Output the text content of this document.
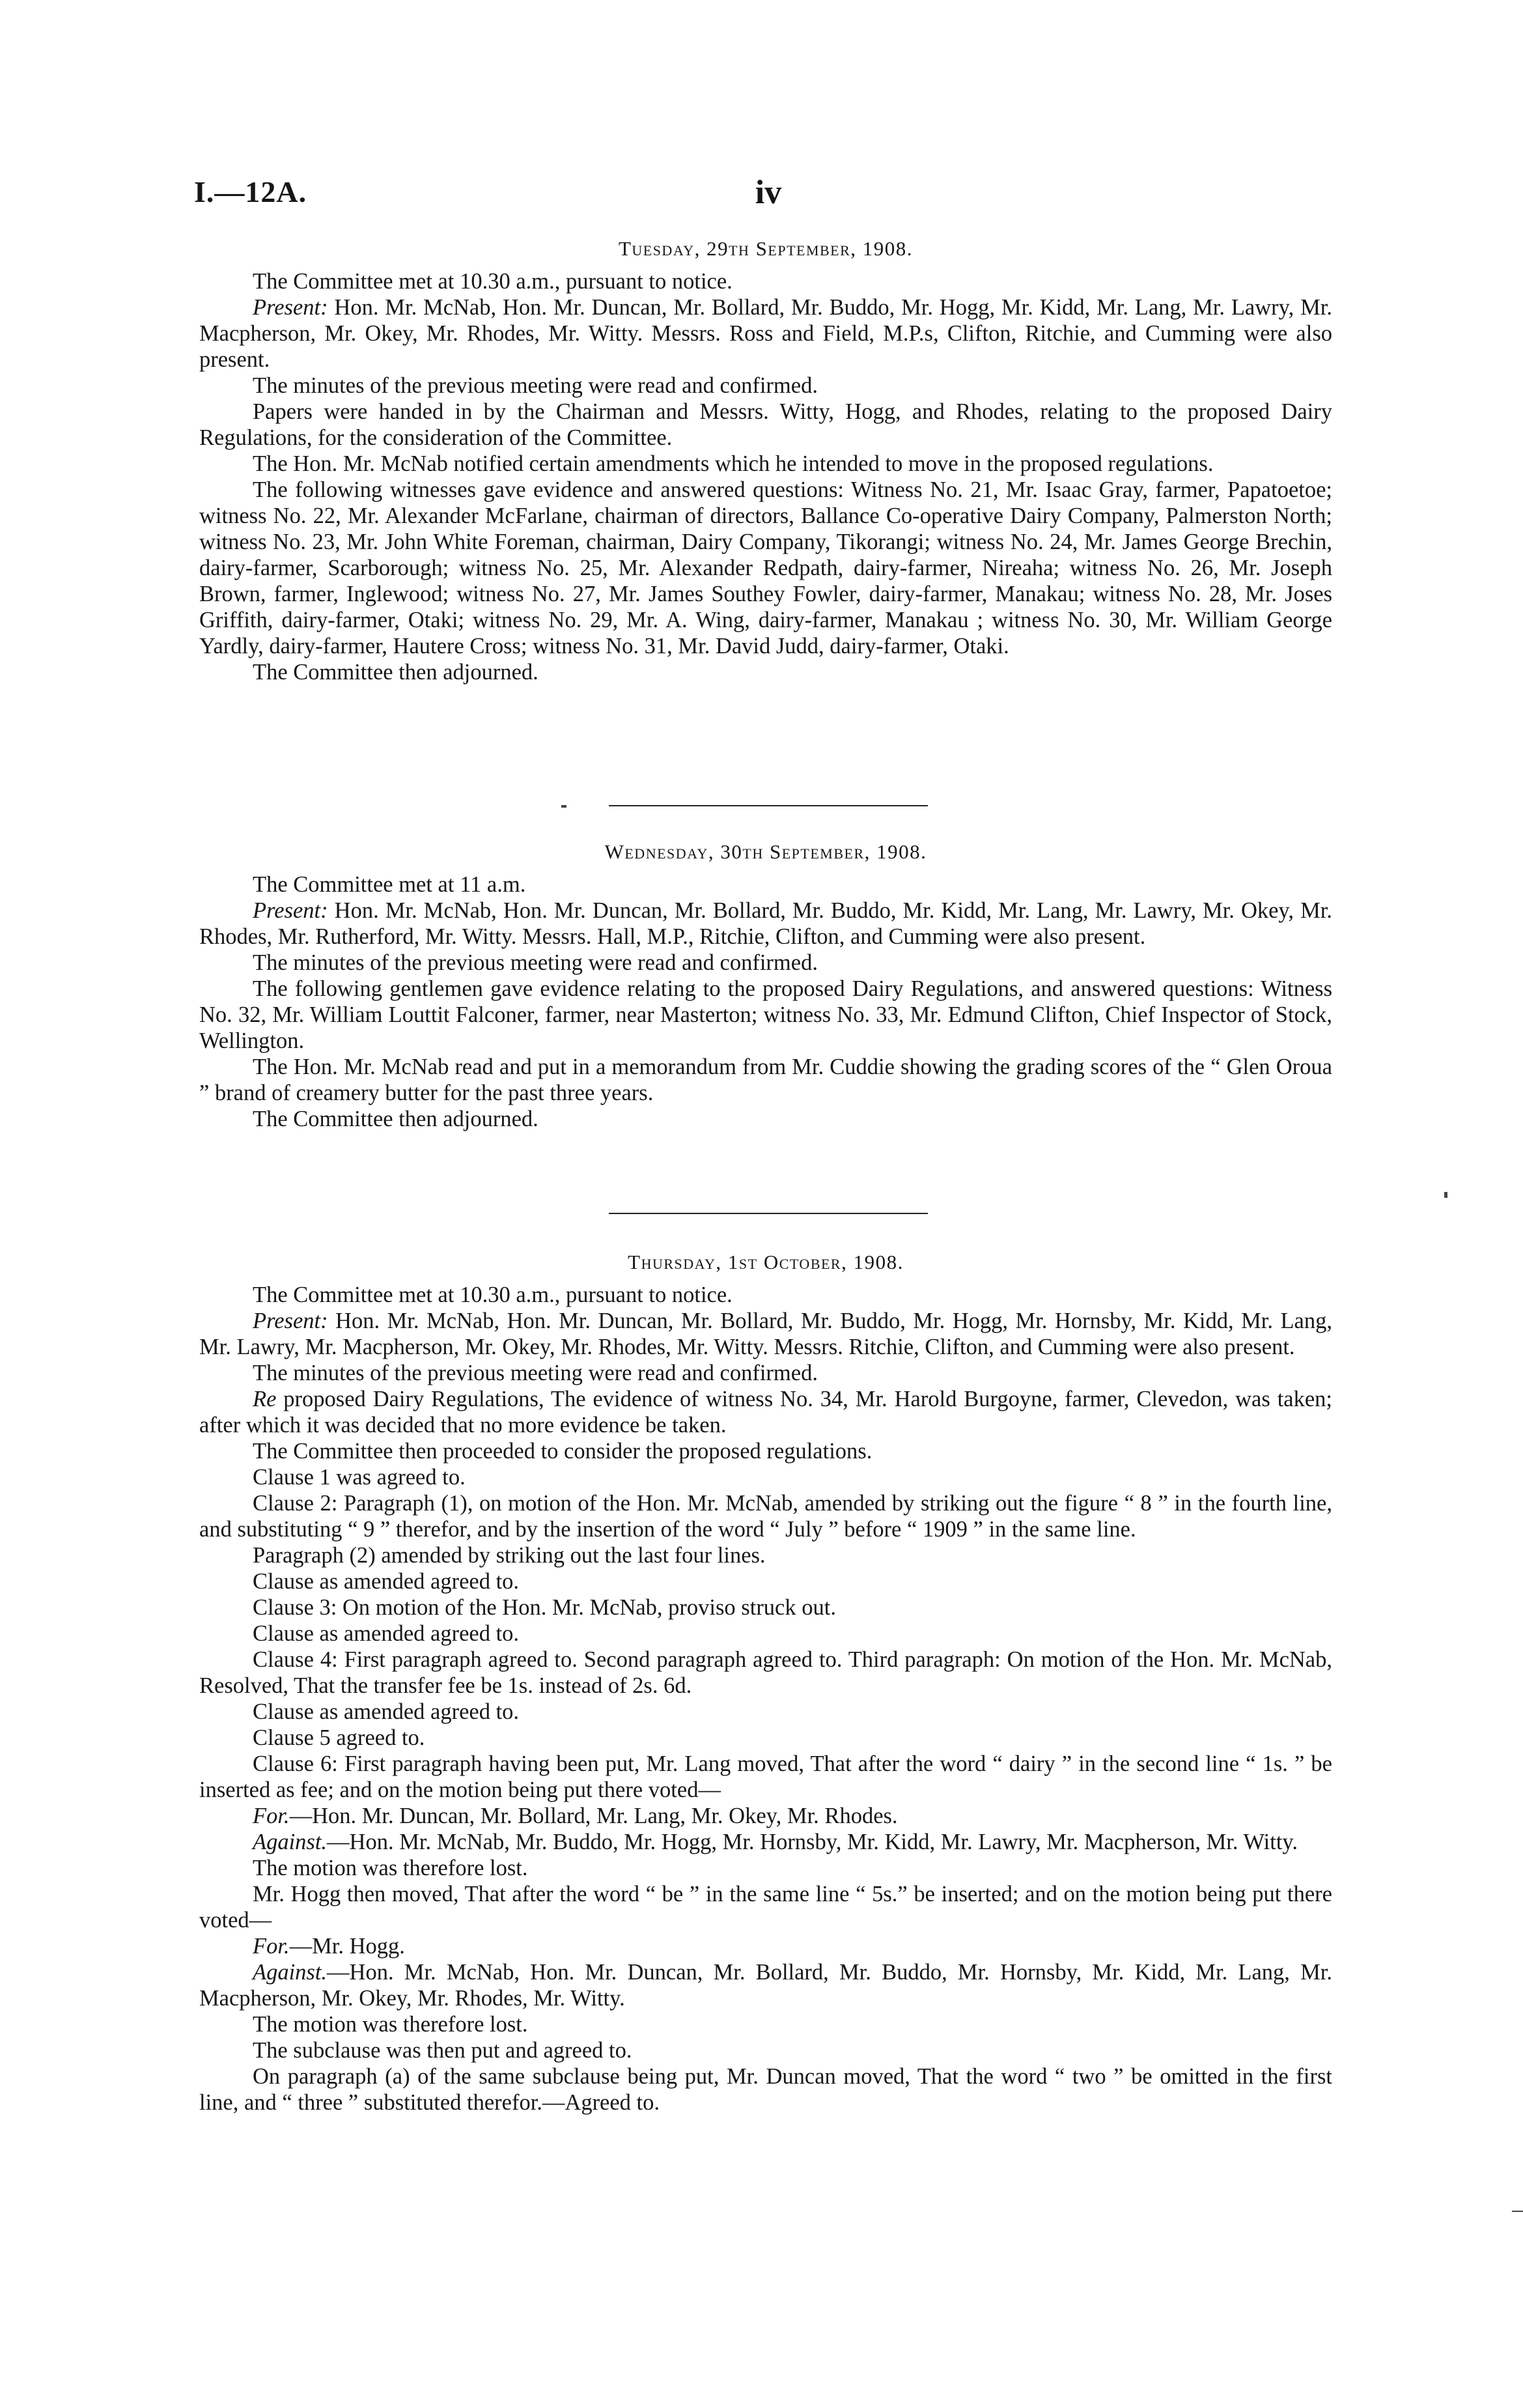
I.—12A.	iv
Tuesday, 29th September, 1908.

The Committee met at 10.30 a.m., pursuant to notice.

Present: Hon. Mr. McNab, Hon. Mr. Duncan, Mr. Bollard, Mr. Buddo, Mr. Hogg, Mr. Kidd, Mr. Lang, Mr. Lawry, Mr. Macpherson, Mr. Okey, Mr. Rhodes, Mr. Witty. Messrs. Ross and Field, M.P.s, Clifton, Ritchie, and Cumming were also present.

The minutes of the previous meeting were read and confirmed.

Papers were handed in by the Chairman and Messrs. Witty, Hogg, and Rhodes, relating to the proposed Dairy Regulations, for the consideration of the Committee.

The Hon. Mr. McNab notified certain amendments which he intended to move in the proposed regulations.

The following witnesses gave evidence and answered questions: Witness No. 21, Mr. Isaac Gray, farmer, Papatoetoe; witness No. 22, Mr. Alexander McFarlane, chairman of directors, Ballance Co-operative Dairy Company, Palmerston North; witness No. 23, Mr. John White Foreman, chairman, Dairy Company, Tikorangi; witness No. 24, Mr. James George Brechin, dairy-farmer, Scarborough; witness No. 25, Mr. Alexander Redpath, dairy-farmer, Nireaha; witness No. 26, Mr. Joseph Brown, farmer, Inglewood; witness No. 27, Mr. James Southey Fowler, dairy-farmer, Manakau; witness No. 28, Mr. Joses Griffith, dairy-farmer, Otaki; witness No. 29, Mr. A. Wing, dairy-farmer, Manakau ; witness No. 30, Mr. William George Yardly, dairy-farmer, Hautere Cross; witness No. 31, Mr. David Judd, dairy-farmer, Otaki.

The Committee then adjourned.

Wednesday, 30th September, 1908.

The Committee met at 11 a.m.

Present: Hon. Mr. McNab, Hon. Mr. Duncan, Mr. Bollard, Mr. Buddo, Mr. Kidd, Mr. Lang, Mr. Lawry, Mr. Okey, Mr. Rhodes, Mr. Rutherford, Mr. Witty. Messrs. Hall, M.P., Ritchie, Clifton, and Cumming were also present.

The minutes of the previous meeting were read and confirmed.

The following gentlemen gave evidence relating to the proposed Dairy Regulations, and answered questions: Witness No. 32, Mr. William Louttit Falconer, farmer, near Masterton; witness No. 33, Mr. Edmund Clifton, Chief Inspector of Stock, Wellington.

The Hon. Mr. McNab read and put in a memorandum from Mr. Cuddie showing the grading scores of the “ Glen Oroua ” brand of creamery butter for the past three years.

The Committee then adjourned.

Thursday, 1st October, 1908.

The Committee met at 10.30 a.m., pursuant to notice.

Present: Hon. Mr. McNab, Hon. Mr. Duncan, Mr. Bollard, Mr. Buddo, Mr. Hogg, Mr. Hornsby, Mr. Kidd, Mr. Lang, Mr. Lawry, Mr. Macpherson, Mr. Okey, Mr. Rhodes, Mr. Witty. Messrs. Ritchie, Clifton, and Cumming were also present.

The minutes of the previous meeting were read and confirmed.

Re proposed Dairy Regulations, The evidence of witness No. 34, Mr. Harold Burgoyne, farmer, Clevedon, was taken; after which it was decided that no more evidence be taken.

The Committee then proceeded to consider the proposed regulations.

Clause 1 was agreed to.

Clause 2: Paragraph (1), on motion of the Hon. Mr. McNab, amended by striking out the figure “ 8 ” in the fourth line, and substituting “ 9 ” therefor, and by the insertion of the word “ July ” before “ 1909 ” in the same line.

Paragraph (2) amended by striking out the last four lines.

Clause as amended agreed to.

Clause 3: On motion of the Hon. Mr. McNab, proviso struck out.

Clause as amended agreed to.

Clause 4: First paragraph agreed to. Second paragraph agreed to. Third paragraph: On motion of the Hon. Mr. McNab, Resolved, That the transfer fee be 1s. instead of 2s. 6d.

Clause as amended agreed to.

Clause 5 agreed to.

Clause 6: First paragraph having been put, Mr. Lang moved, That after the word “ dairy ” in the second line “ 1s. ” be inserted as fee; and on the motion being put there voted—

For.—Hon. Mr. Duncan, Mr. Bollard, Mr. Lang, Mr. Okey, Mr. Rhodes.

Against.—Hon. Mr. McNab, Mr. Buddo, Mr. Hogg, Mr. Hornsby, Mr. Kidd, Mr. Lawry, Mr. Macpherson, Mr. Witty.

The motion was therefore lost.

Mr. Hogg then moved, That after the word “ be ” in the same line “ 5s.” be inserted; and on the motion being put there voted—

For.—Mr. Hogg.

Against.—Hon. Mr. McNab, Hon. Mr. Duncan, Mr. Bollard, Mr. Buddo, Mr. Hornsby, Mr. Kidd, Mr. Lang, Mr. Macpherson, Mr. Okey, Mr. Rhodes, Mr. Witty.

The motion was therefore lost.

The subclause was then put and agreed to.

On paragraph (a) of the same subclause being put, Mr. Duncan moved, That the word “ two ” be omitted in the first line, and “ three ” substituted therefor.—Agreed to.
